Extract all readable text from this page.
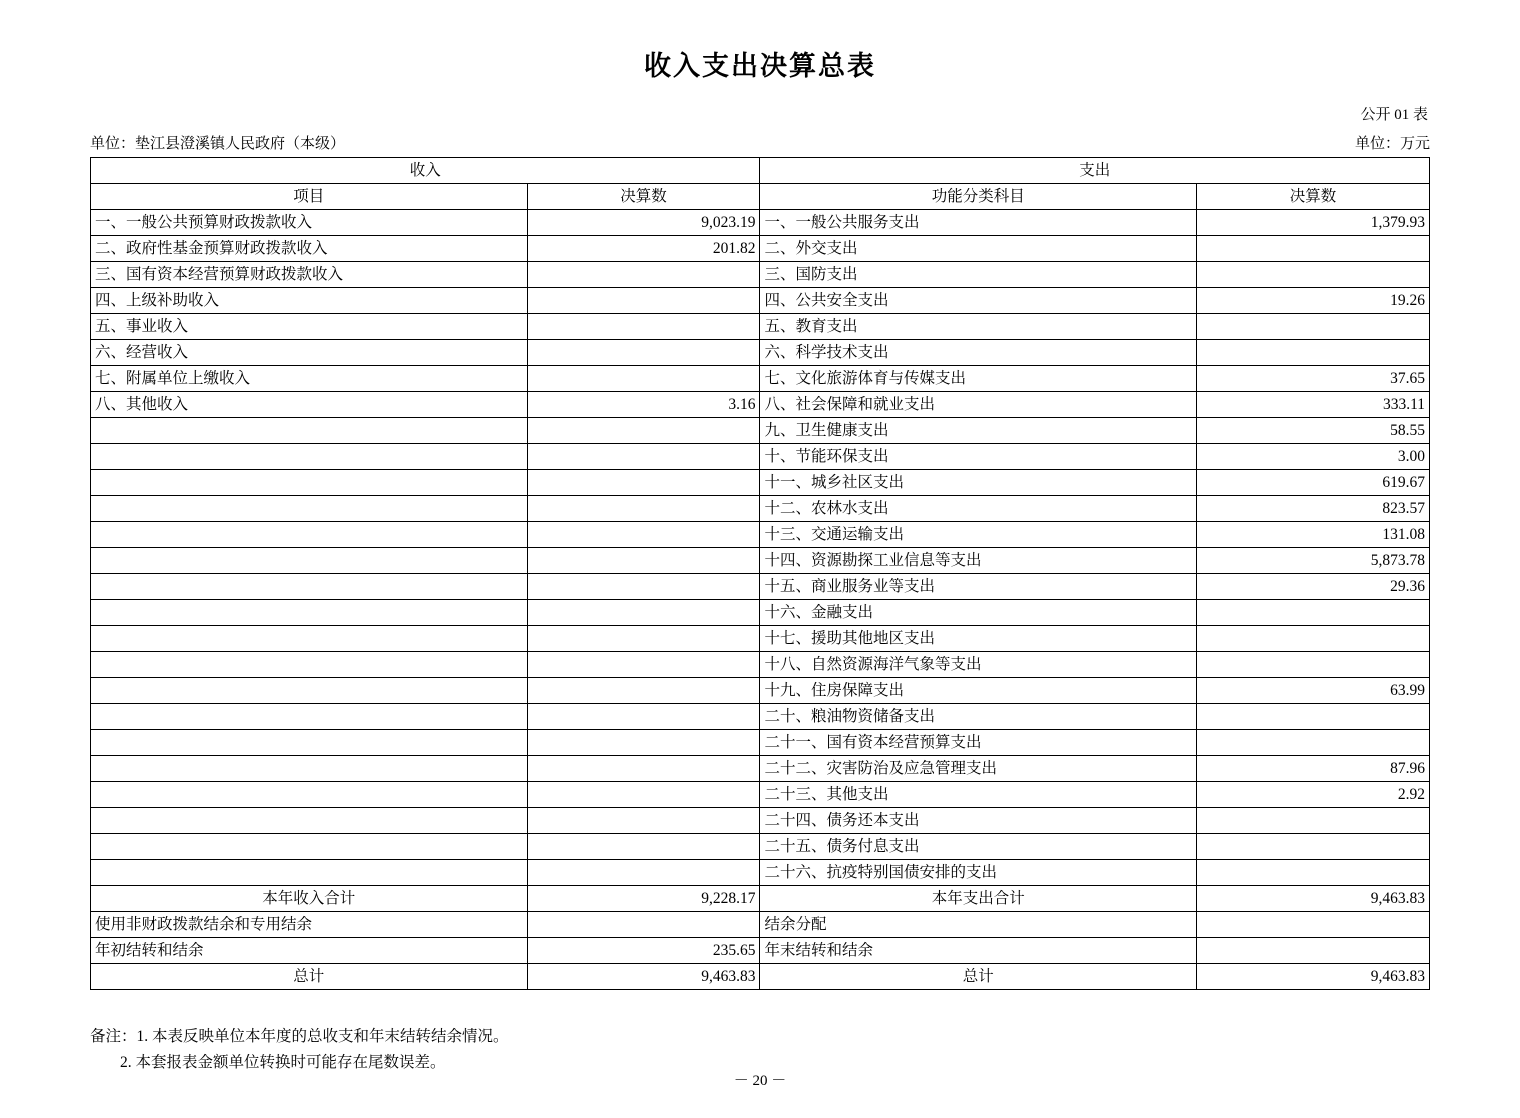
收入支出决算总表
公开 01 表
单位：垫江县澄溪镇人民政府（本级）	单位：万元
收入		支出	
项目	决算数	功能分类科目	决算数
一、一般公共预算财政拨款收入	9,023.19	一、一般公共服务支出	1,379.93
二、政府性基金预算财政拨款收入	201.82	二、外交支出	
三、国有资本经营预算财政拨款收入		三、国防支出	
四、上级补助收入		四、公共安全支出	19.26
五、事业收入		五、教育支出	
六、经营收入		六、科学技术支出	
七、附属单位上缴收入		七、文化旅游体育与传媒支出	37.65
八、其他收入	3.16	八、社会保障和就业支出	333.11
		九、卫生健康支出	58.55
		十、节能环保支出	3.00
		十一、城乡社区支出	619.67
		十二、农林水支出	823.57
		十三、交通运输支出	131.08
		十四、资源勘探工业信息等支出	5,873.78
		十五、商业服务业等支出	29.36
		十六、金融支出	
		十七、援助其他地区支出	
		十八、自然资源海洋气象等支出	
		十九、住房保障支出	63.99
		二十、粮油物资储备支出	
		二十一、国有资本经营预算支出	
		二十二、灾害防治及应急管理支出	87.96
		二十三、其他支出	2.92
		二十四、债务还本支出	
		二十五、债务付息支出	
		二十六、抗疫特别国债安排的支出	
本年收入合计	9,228.17	本年支出合计	9,463.83
使用非财政拨款结余和专用结余		结余分配	
年初结转和结余	235.65	年末结转和结余	
总计	9,463.83	总计	9,463.83
备注：1. 本表反映单位本年度的总收支和年末结转结余情况。
2. 本套报表金额单位转换时可能存在尾数误差。
－ 20 －
